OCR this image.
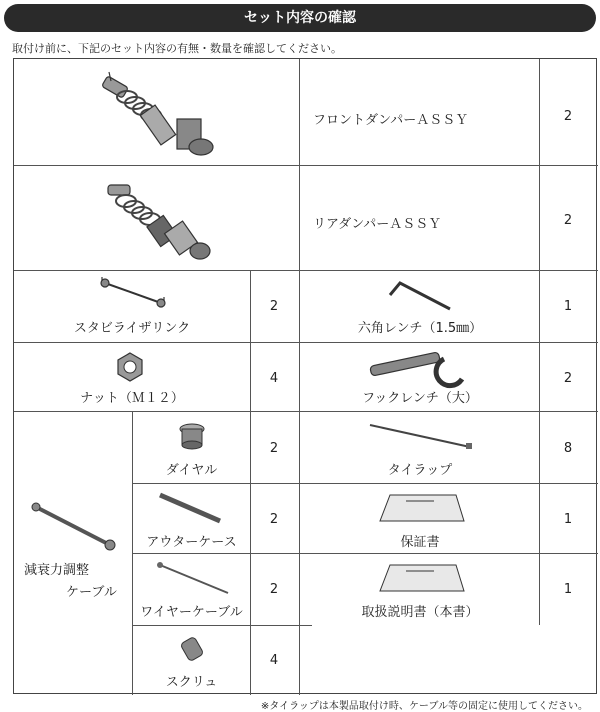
セット内容の確認
取付け前に、下記のセット内容の有無・数量を確認してください。
フロントダンパーＡＳＳＹ	2
リアダンパーＡＳＳＹ	2
スタビライザリンク
2
六角レンチ（1.5㎜）
1
ナット（Ｍ１２）
4
フックレンチ（大）
2
減衰力調整
ケーブル
ダイヤル
2
タイラップ
8
アウターケース
2
保証書
1
ワイヤーケーブル
2
取扱説明書（本書）
1
スクリュ
4
※タイラップは本製品取付け時、ケーブル等の固定に使用してください。
